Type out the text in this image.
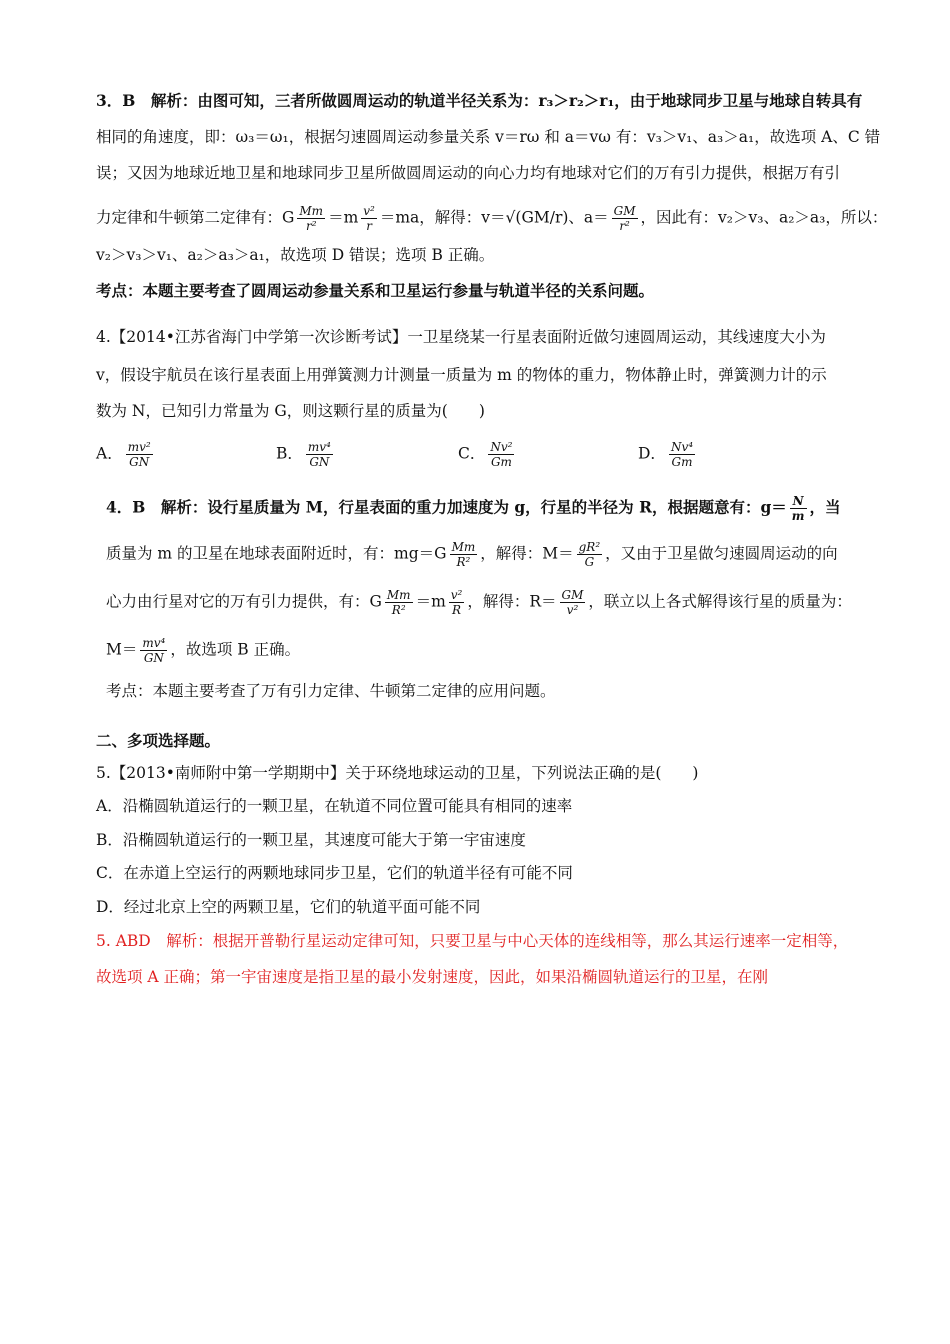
3．B　解析：由图可知，三者所做圆周运动的轨道半径关系为：r₃＞r₂＞r₁，由于地球同步卫星与地球自转具有
相同的角速度，即：ω₃＝ω₁，根据匀速圆周运动参量关系 v＝rω 和 a＝vω 有：v₃＞v₁、a₃＞a₁，故选项 A、C 错
误；又因为地球近地卫星和地球同步卫星所做圆周运动的向心力均有地球对它们的万有引力提供，根据万有引
力定律和牛顿第二定律有：G $\frac{Mm}{\text{r²}} =m \frac{\text{v²}}{r} =ma$，解得：v＝√(GM/r)、$a= \frac{GM}{\text{r²}}$ ，因此有：v₂＞v₃、a₂＞a₃，所以：
v₂＞v₃＞v₁、a₂＞a₃＞a₁，故选项 D 错误；选项 B 正确。
考点：本题主要考查了圆周运动参量关系和卫星运行参量与轨道半径的关系问题。
4.【2014•江苏省海门中学第一次诊断考试】一卫星绕某一行星表面附近做匀速圆周运动，其线速度大小为
v，假设宇航员在该行星表面上用弹簧测力计测量一质量为 m 的物体的重力，物体静止时，弹簧测力计的示
数为 N，已知引力常量为 G，则这颗行星的质量为(　　)
A． $\frac{\text{mv²}}{GN}$	B． $\frac{\text{mv⁴}}{GN}$	C． $\frac{\text{Nv²}}{Gm}$	D． $\frac{\text{Nv⁴}}{Gm}$
4．B　解析：设行星质量为 M，行星表面的重力加速度为 g，行星的半径为 R，根据题意有：$g= \frac{N}{m}$ ，当
质量为 m 的卫星在地球表面附近时，有：$mg=G \frac{Mm}{\text{R²}}$ ，解得：$M= \frac{\text{gR²}}{G}$ ，又由于卫星做匀速圆周运动的向
心力由行星对它的万有引力提供，有：G $\frac{Mm}{\text{R²}} =m \frac{\text{v²}}{R}$ ，解得：$R= \frac{GM}{\text{v²}}$ ，联立以上各式解得该行星的质量为：
$M= \frac{\text{mv⁴}}{GN}$ ，故选项 B 正确。
考点：本题主要考查了万有引力定律、牛顿第二定律的应用问题。
二、多项选择题。
5.【2013•南师附中第一学期期中】关于环绕地球运动的卫星，下列说法正确的是(　　)
A．沿椭圆轨道运行的一颗卫星，在轨道不同位置可能具有相同的速率
B．沿椭圆轨道运行的一颗卫星，其速度可能大于第一宇宙速度
C．在赤道上空运行的两颗地球同步卫星，它们的轨道半径有可能不同
D．经过北京上空的两颗卫星，它们的轨道平面可能不同
5. ABD　解析：根据开普勒行星运动定律可知，只要卫星与中心天体的连线相等，那么其运行速率一定相等，
故选项 A 正确；第一宇宙速度是指卫星的最小发射速度，因此，如果沿椭圆轨道运行的卫星，在刚
